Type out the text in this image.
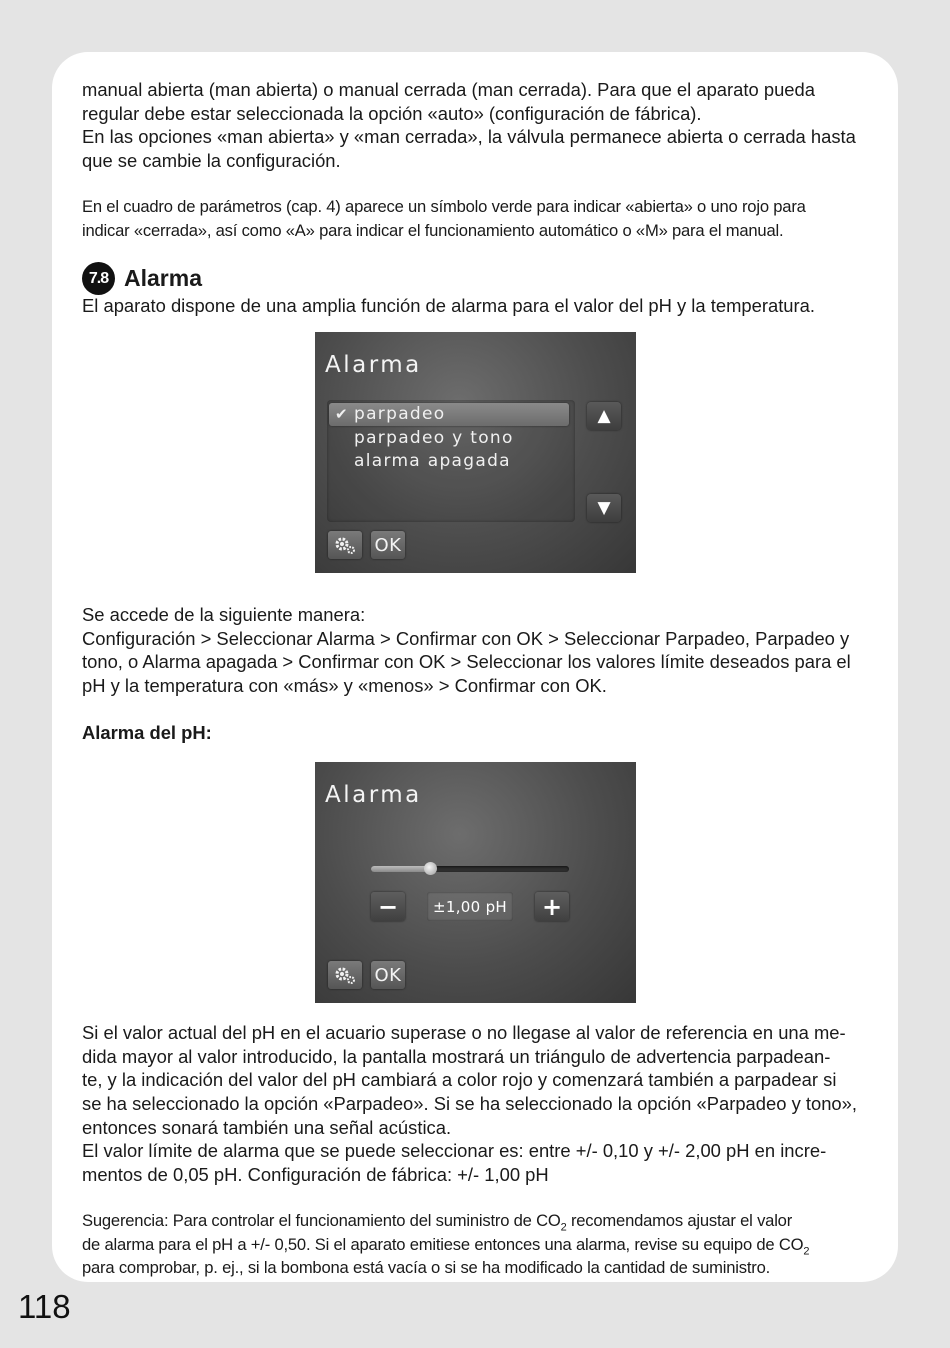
manual abierta (man abierta) o manual cerrada (man cerrada). Para que el aparato pueda

regular debe estar seleccionada la opción «auto» (configuración de fábrica).

En las opciones «man abierta» y «man cerrada», la válvula permanece abierta o cerrada hasta

que se cambie la configuración.

En el cuadro de parámetros (cap. 4) aparece un símbolo verde para indicar «abierta» o uno rojo para

indicar «cerrada», así como «A» para indicar el funcionamiento automático o «M» para el manual.

7.8 Alarma

El aparato dispone de una amplia función de alarma para el valor del pH y la temperatura.

Alarma
✔ parpadeo
parpadeo y tono
alarma apagada
▲
▼
OK

Se accede de la siguiente manera:

Configuración > Seleccionar Alarma > Confirmar con OK > Seleccionar Parpadeo, Parpadeo y

tono, o Alarma apagada > Confirmar con OK > Seleccionar los valores límite deseados para el

pH y la temperatura con «más» y «menos» > Confirmar con OK.

Alarma del pH:

Alarma
−	±1,00 pH +
OK

Si el valor actual del pH en el acuario superase o no llegase al valor de referencia en una me-

dida mayor al valor introducido, la pantalla mostrará un triángulo de advertencia parpadean-

te, y la indicación del valor del pH cambiará a color rojo y comenzará también a parpadear si

se ha seleccionado la opción «Parpadeo». Si se ha seleccionado la opción «Parpadeo y tono»,

entonces sonará también una señal acústica.

El valor límite de alarma que se puede seleccionar es: entre +/- 0,10 y +/- 2,00 pH en incre-

mentos de 0,05 pH. Configuración de fábrica: +/- 1,00 pH

Sugerencia: Para controlar el funcionamiento del suministro de $CO_2$ recomendamos ajustar el valor

de alarma para el pH a +/- 0,50. Si el aparato emitiese entonces una alarma, revise su equipo de $CO_2$

para comprobar, p. ej., si la bombona está vacía o si se ha modificado la cantidad de suministro.

118
